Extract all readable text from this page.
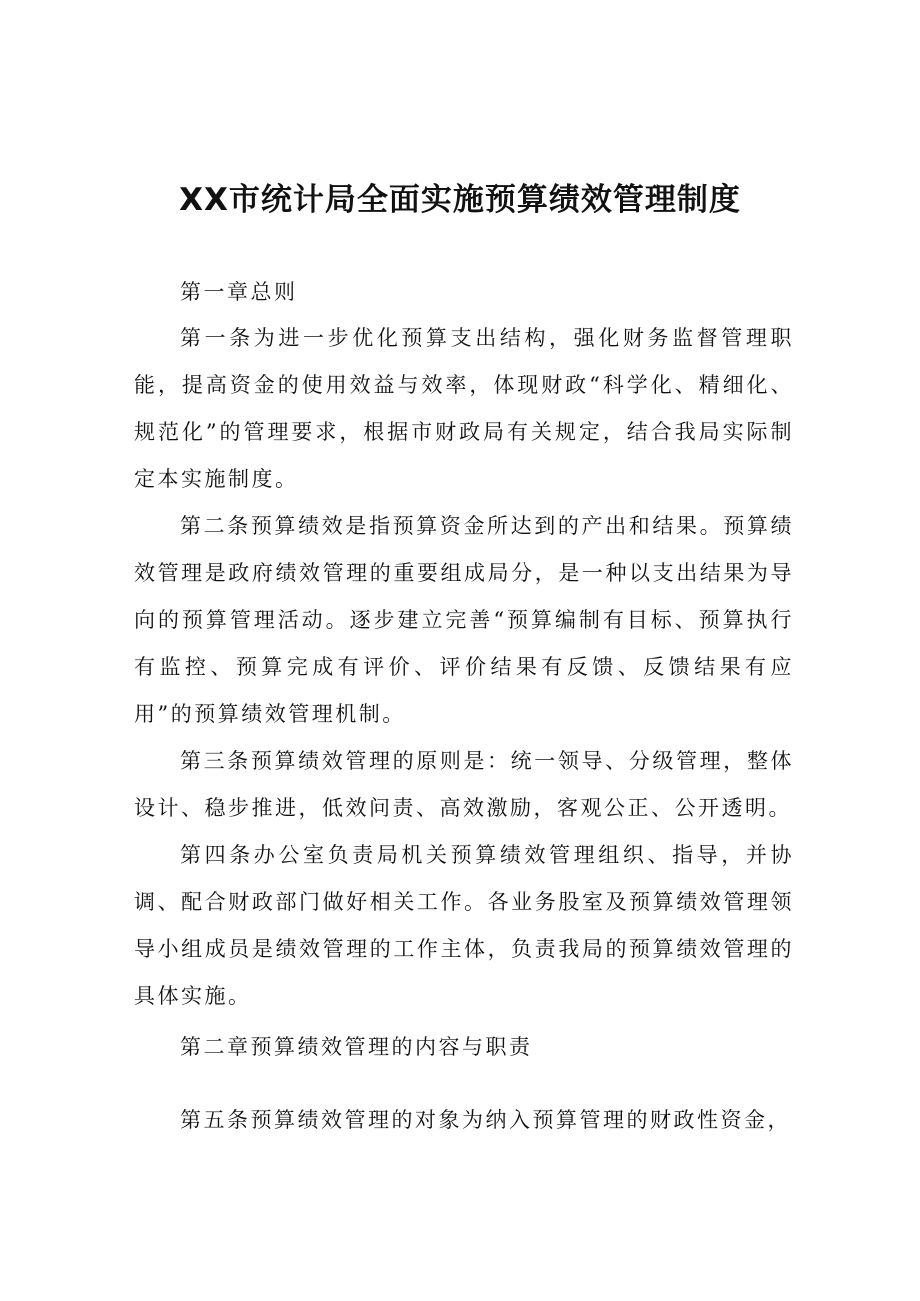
XX市统计局全面实施预算绩效管理制度

第一章总则

第一条为进一步优化预算支出结构，强化财务监督管理职能，提高资金的使用效益与效率，体现财政“科学化、精细化、规范化”的管理要求，根据市财政局有关规定，结合我局实际制定本实施制度。

第二条预算绩效是指预算资金所达到的产出和结果。预算绩效管理是政府绩效管理的重要组成局分，是一种以支出结果为导向的预算管理活动。逐步建立完善“预算编制有目标、预算执行有监控、预算完成有评价、评价结果有反馈、反馈结果有应用”的预算绩效管理机制。

第三条预算绩效管理的原则是：统一领导、分级管理，整体设计、稳步推进，低效问责、高效激励，客观公正、公开透明。

第四条办公室负责局机关预算绩效管理组织、指导，并协调、配合财政部门做好相关工作。各业务股室及预算绩效管理领导小组成员是绩效管理的工作主体，负责我局的预算绩效管理的具体实施。

第二章预算绩效管理的内容与职责

第五条预算绩效管理的对象为纳入预算管理的财政性资金，
